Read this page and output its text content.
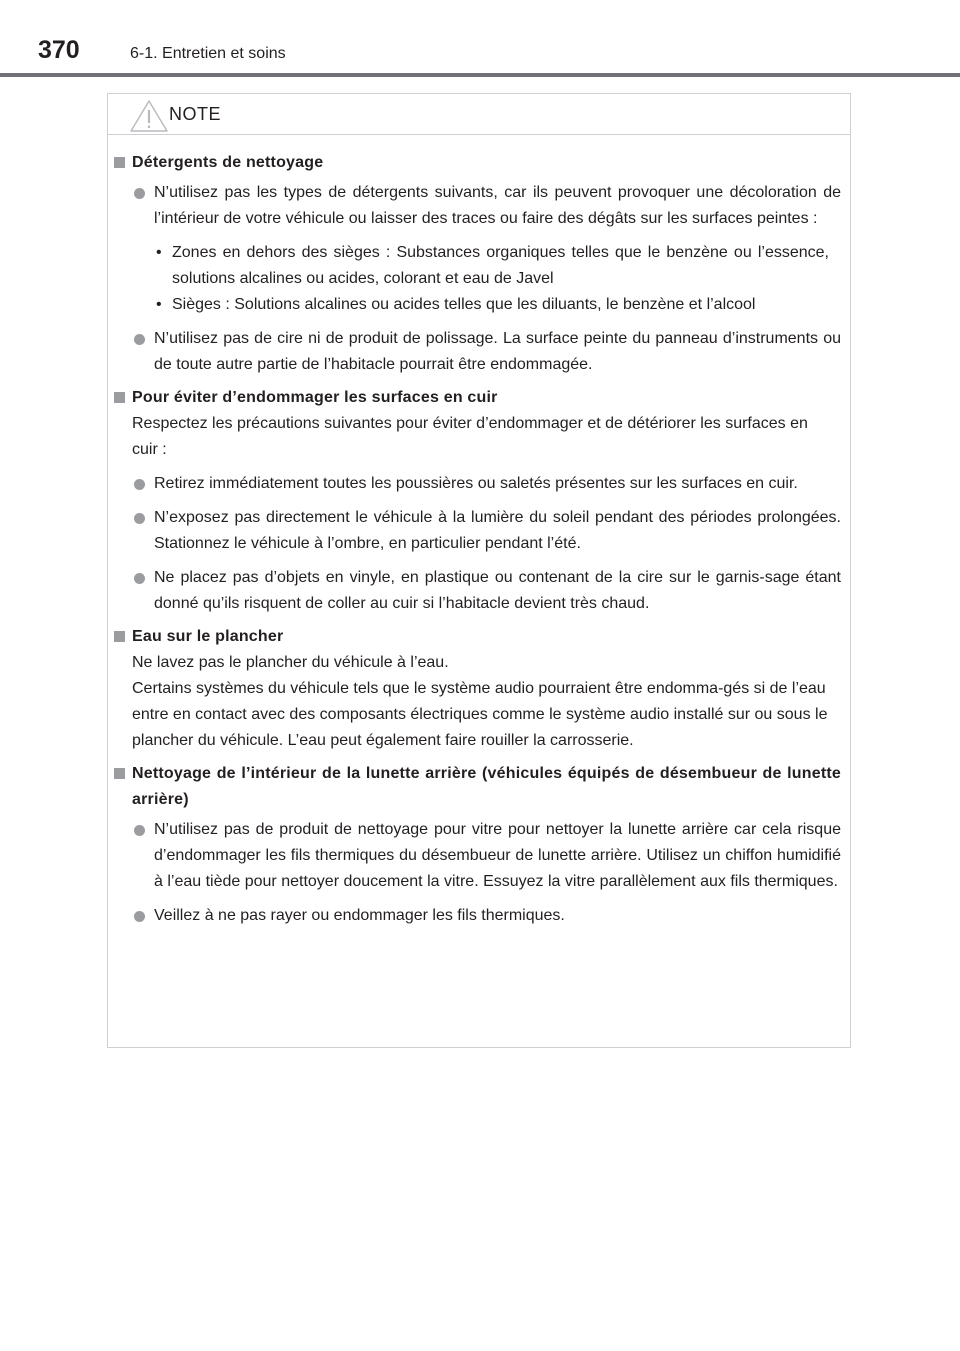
370	6-1. Entretien et soins
NOTE
Détergents de nettoyage
N’utilisez pas les types de détergents suivants, car ils peuvent provoquer une décoloration de l’intérieur de votre véhicule ou laisser des traces ou faire des dégâts sur les surfaces peintes :
• Zones en dehors des sièges : Substances organiques telles que le benzène ou l’essence, solutions alcalines ou acides, colorant et eau de Javel
• Sièges : Solutions alcalines ou acides telles que les diluants, le benzène et l’alcool
N’utilisez pas de cire ni de produit de polissage. La surface peinte du panneau d’instruments ou de toute autre partie de l’habitacle pourrait être endommagée.
Pour éviter d’endommager les surfaces en cuir
Respectez les précautions suivantes pour éviter d’endommager et de détériorer les surfaces en cuir :
Retirez immédiatement toutes les poussières ou saletés présentes sur les surfaces en cuir.
N’exposez pas directement le véhicule à la lumière du soleil pendant des périodes prolongées. Stationnez le véhicule à l’ombre, en particulier pendant l’été.
Ne placez pas d’objets en vinyle, en plastique ou contenant de la cire sur le garnis-sage étant donné qu’ils risquent de coller au cuir si l’habitacle devient très chaud.
Eau sur le plancher
Ne lavez pas le plancher du véhicule à l’eau.
Certains systèmes du véhicule tels que le système audio pourraient être endomma-gés si de l’eau entre en contact avec des composants électriques comme le système audio installé sur ou sous le plancher du véhicule. L’eau peut également faire rouiller la carrosserie.
Nettoyage de l’intérieur de la lunette arrière (véhicules équipés de désembueur de lunette arrière)
N’utilisez pas de produit de nettoyage pour vitre pour nettoyer la lunette arrière car cela risque d’endommager les fils thermiques du désembueur de lunette arrière. Utilisez un chiffon humidifié à l’eau tiède pour nettoyer doucement la vitre. Essuyez la vitre parallèlement aux fils thermiques.
Veillez à ne pas rayer ou endommager les fils thermiques.
